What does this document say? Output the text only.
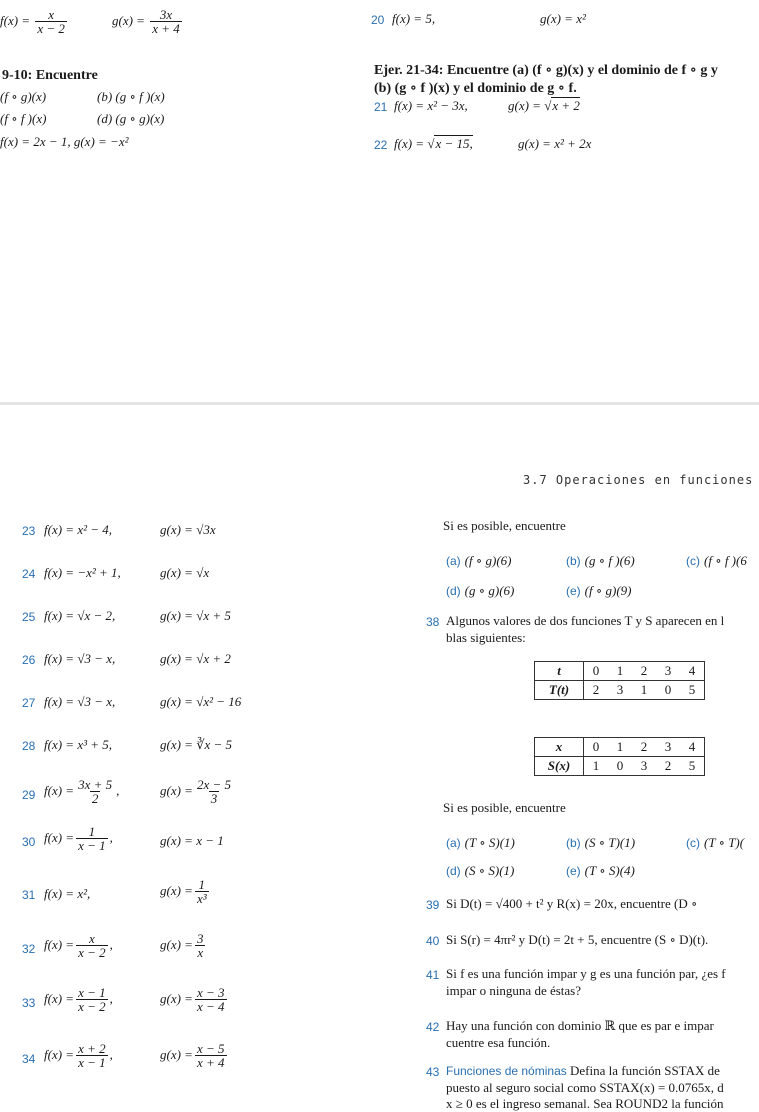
$f(x) = \frac{x}{x - 2}$	$g(x) = \frac{3x}{x + 4}$
9-10: Encuentre
(f ∘ g)(x)	(b) (g ∘ f )(x)
(f ∘ f )(x)	(d) (g ∘ g)(x)
f(x) = 2x − 1, g(x) = −x²
20 f(x) = 5,	g(x) = x²
Ejer. 21-34: Encuentre (a) (f ∘ g)(x) y el dominio de f ∘ g y
(b) (g ∘ f )(x) y el dominio de g ∘ f.
21 f(x) = x² − 3x,	g(x) = √x + 2
22 f(x) = √x − 15,	g(x) = x² + 2x
3.7 Operaciones en funciones
23 f(x) = x² − 4,	g(x) = √3x
24 f(x) = −x² + 1,	g(x) = √x
25 f(x) = √x − 2,	g(x) = √x + 5
26 f(x) = √3 − x,	g(x) = √x + 2
27 f(x) = √3 − x,	g(x) = √x² − 16
28 f(x) = x³ + 5,	g(x) = ∛x − 5
29 $f(x) = \frac{3x + 5}{2}$ ,	$g(x) = \frac{2x - 5}{3}$
30 $f(x) = \frac{1}{x - 1}$ ,	g(x) = x − 1
31 f(x) = x²,	$g(x) = \frac{1}{\text{x³}}$
32 $f(x) = \frac{x}{x - 2}$ ,	$g(x) = \frac{3}{x}$
33 $f(x) = \frac{x - 1}{x - 2}$ ,	$g(x) = \frac{x - 3}{x - 4}$
34 $f(x) = \frac{x + 2}{x - 1}$ ,	$g(x) = \frac{x - 5}{x + 4}$
Si es posible, encuentre
(a) (f ∘ g)(6)	(b) (g ∘ f )(6)	(c) (f ∘ f )(6
(d) (g ∘ g)(6)	(e) (f ∘ g)(9)
38 Algunos valores de dos funciones T y S aparecen en l
blas siguientes:
t	0	1	2	3	4
T(t)	2	3	1	0	5
x	0	1	2	3	4
S(x)	1	0	3	2	5
Si es posible, encuentre
(a) (T ∘ S)(1)	(b) (S ∘ T)(1)	(c) (T ∘ T)(
(d) (S ∘ S)(1)	(e) (T ∘ S)(4)
39 Si D(t) = √400 + t² y R(x) = 20x, encuentre (D ∘
40 Si S(r) = 4πr² y D(t) = 2t + 5, encuentre (S ∘ D)(t).
41 Si f es una función impar y g es una función par, ¿es f
impar o ninguna de éstas?
42 Hay una función con dominio ℝ que es par e impar
cuentre esa función.
43 Funciones de nóminas Defina la función SSTAX de
puesto al seguro social como SSTAX(x) = 0.0765x, d
x ≥ 0 es el ingreso semanal. Sea ROUND2 la función
